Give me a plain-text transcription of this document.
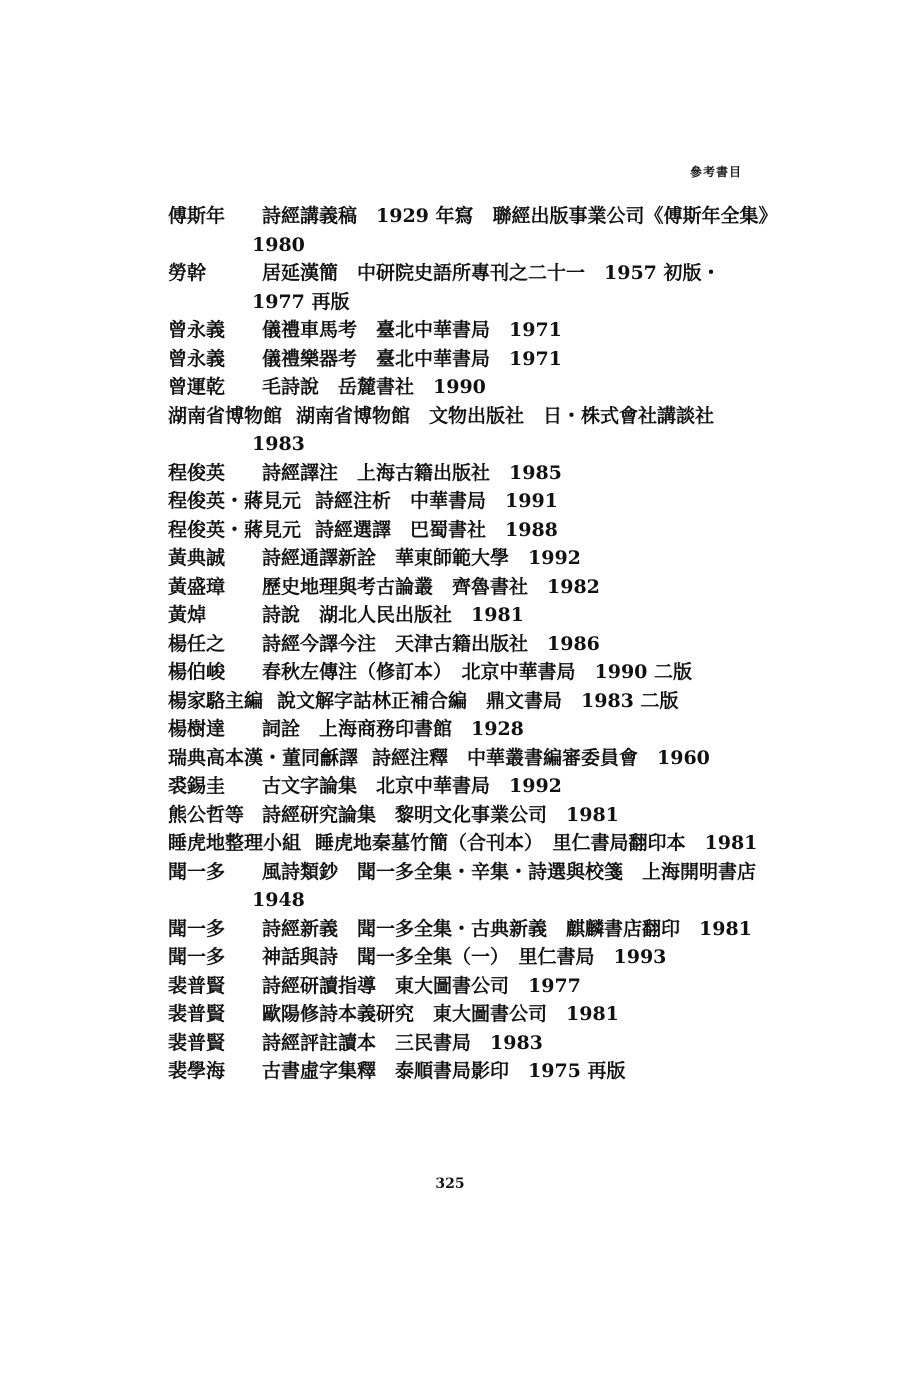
參考書目
傅斯年 詩經講義稿　1929 年寫　聯經出版事業公司《傅斯年全集》　1980
勞幹	居延漢簡　中研院史語所專刊之二十一　1957 初版・1977 再版
曾永義 儀禮車馬考　臺北中華書局　1971
曾永義 儀禮樂器考　臺北中華書局　1971
曾運乾 毛詩說　岳麓書社　1990
湖南省博物館 湖南省博物館　文物出版社　日・株式會社講談社　1983
程俊英 詩經譯注　上海古籍出版社　1985
程俊英・蔣見元 詩經注析　中華書局　1991
程俊英・蔣見元 詩經選譯　巴蜀書社　1988
黃典誠 詩經通譯新詮　華東師範大學　1992
黃盛璋 歷史地理與考古論叢　齊魯書社　1982
黃焯	詩說　湖北人民出版社　1981
楊任之 詩經今譯今注　天津古籍出版社　1986
楊伯峻 春秋左傳注（修訂本）　北京中華書局　1990 二版
楊家駱主編 說文解字詁林正補合編　鼎文書局　1983 二版
楊樹達 詞詮　上海商務印書館　1928
瑞典高本漢・董同龢譯 詩經注釋　中華叢書編審委員會　1960
裘錫圭 古文字論集　北京中華書局　1992
熊公哲等 詩經研究論集　黎明文化事業公司　1981
睡虎地整理小組 睡虎地秦墓竹簡（合刊本）　里仁書局翻印本　1981
聞一多 風詩類鈔　聞一多全集・辛集・詩選與校箋　上海開明書店1948
聞一多 詩經新義　聞一多全集・古典新義　麒麟書店翻印　1981
聞一多 神話與詩　聞一多全集（一）　里仁書局　1993
裴普賢 詩經研讀指導　東大圖書公司　1977
裴普賢 歐陽修詩本義研究　東大圖書公司　1981
裴普賢 詩經評註讀本　三民書局　1983
裴學海 古書虛字集釋　泰順書局影印　1975 再版
325
